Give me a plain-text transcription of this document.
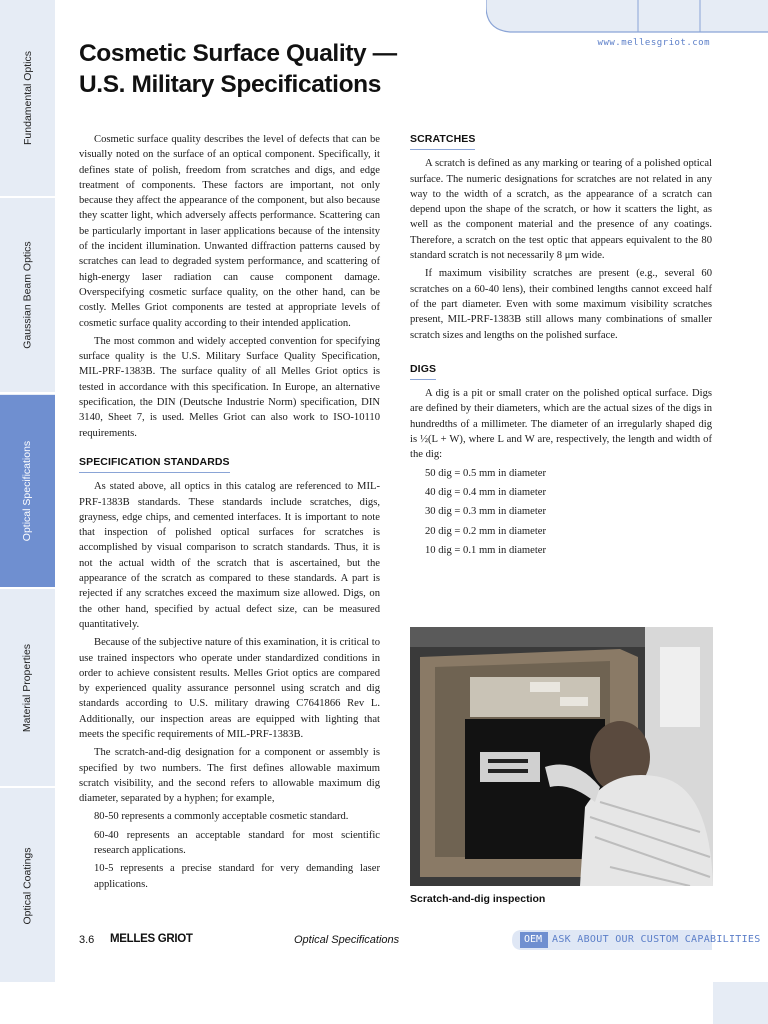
Fundamental Optics
Gaussian Beam Optics
Optical Specifications
Material Properties
Optical Coatings
www.mellesgriot.com
Cosmetic Surface Quality —
U.S. Military Specifications

Cosmetic surface quality describes the level of defects that can be visually noted on the surface of an optical component. Specifically, it defines state of polish, freedom from scratches and digs, and edge treatment of components. These factors are important, not only because they affect the appearance of the component, but also because they scatter light, which adversely affects performance. Scattering can be particularly important in laser applications because of the intensity of the incident illumination. Unwanted diffraction patterns caused by scratches can lead to degraded system performance, and scattering of high-energy laser radiation can cause component damage. Overspecifying cosmetic surface quality, on the other hand, can be costly. Melles Griot components are tested at appropriate levels of cosmetic surface quality according to their intended application.

The most common and widely accepted convention for specifying surface quality is the U.S. Military Surface Quality Specification, MIL-PRF-1383B. The surface quality of all Melles Griot optics is tested in accordance with this specification. In Europe, an alternative specification, the DIN (Deutsche Industrie Norm) specification, DIN 3140, Sheet 7, is used. Melles Griot can also work to ISO-10110 requirements.

SPECIFICATION STANDARDS

As stated above, all optics in this catalog are referenced to MIL-PRF-1383B standards. These standards include scratches, digs, grayness, edge chips, and cemented interfaces. It is important to note that inspection of polished optical surfaces for scratches is accomplished by visual comparison to scratch standards. Thus, it is not the actual width of the scratch that is ascertained, but the appearance of the scratch as compared to these standards. A part is rejected if any scratches exceed the maximum size allowed. Digs, on the other hand, specified by actual defect size, can be measured quantitatively.

Because of the subjective nature of this examination, it is critical to use trained inspectors who operate under standardized conditions in order to achieve consistent results. Melles Griot optics are compared by experienced quality assurance personnel using scratch and dig standards according to U.S. military drawing C7641866 Rev L. Additionally, our inspection areas are equipped with lighting that meets the specific requirements of MIL-PRF-1383B.

The scratch-and-dig designation for a component or assembly is specified by two numbers. The first defines allowable maximum scratch visibility, and the second refers to allowable maximum dig diameter, separated by a hyphen; for example,

80-50 represents a commonly acceptable cosmetic standard.

60-40 represents an acceptable standard for most scientific research applications.

10-5 represents a precise standard for very demanding laser applications.

SCRATCHES

A scratch is defined as any marking or tearing of a polished optical surface. The numeric designations for scratches are not related in any way to the width of a scratch, as the appearance of a scratch can depend upon the shape of the scratch, or how it scatters the light, as well as the component material and the presence of any coatings. Therefore, a scratch on the test optic that appears equivalent to the 80 standard scratch is not necessarily 8 μm wide.

If maximum visibility scratches are present (e.g., several 60 scratches on a 60-40 lens), their combined lengths cannot exceed half of the part diameter. Even with some maximum visibility scratches present, MIL-PRF-1383B still allows many combinations of smaller scratch sizes and lengths on the polished surface.

DIGS

A dig is a pit or small crater on the polished optical surface. Digs are defined by their diameters, which are the actual sizes of the digs in hundredths of a millimeter. The diameter of an irregularly shaped dig is ½(L + W), where L and W are, respectively, the length and width of the dig:

50 dig = 0.5 mm in diameter

40 dig = 0.4 mm in diameter

30 dig = 0.3 mm in diameter

20 dig = 0.2 mm in diameter

10 dig = 0.1 mm in diameter

Scratch-and-dig inspection
3.6 MELLES GRIOT	Optical Specifications	OEM ASK ABOUT OUR CUSTOM CAPABILITIES
